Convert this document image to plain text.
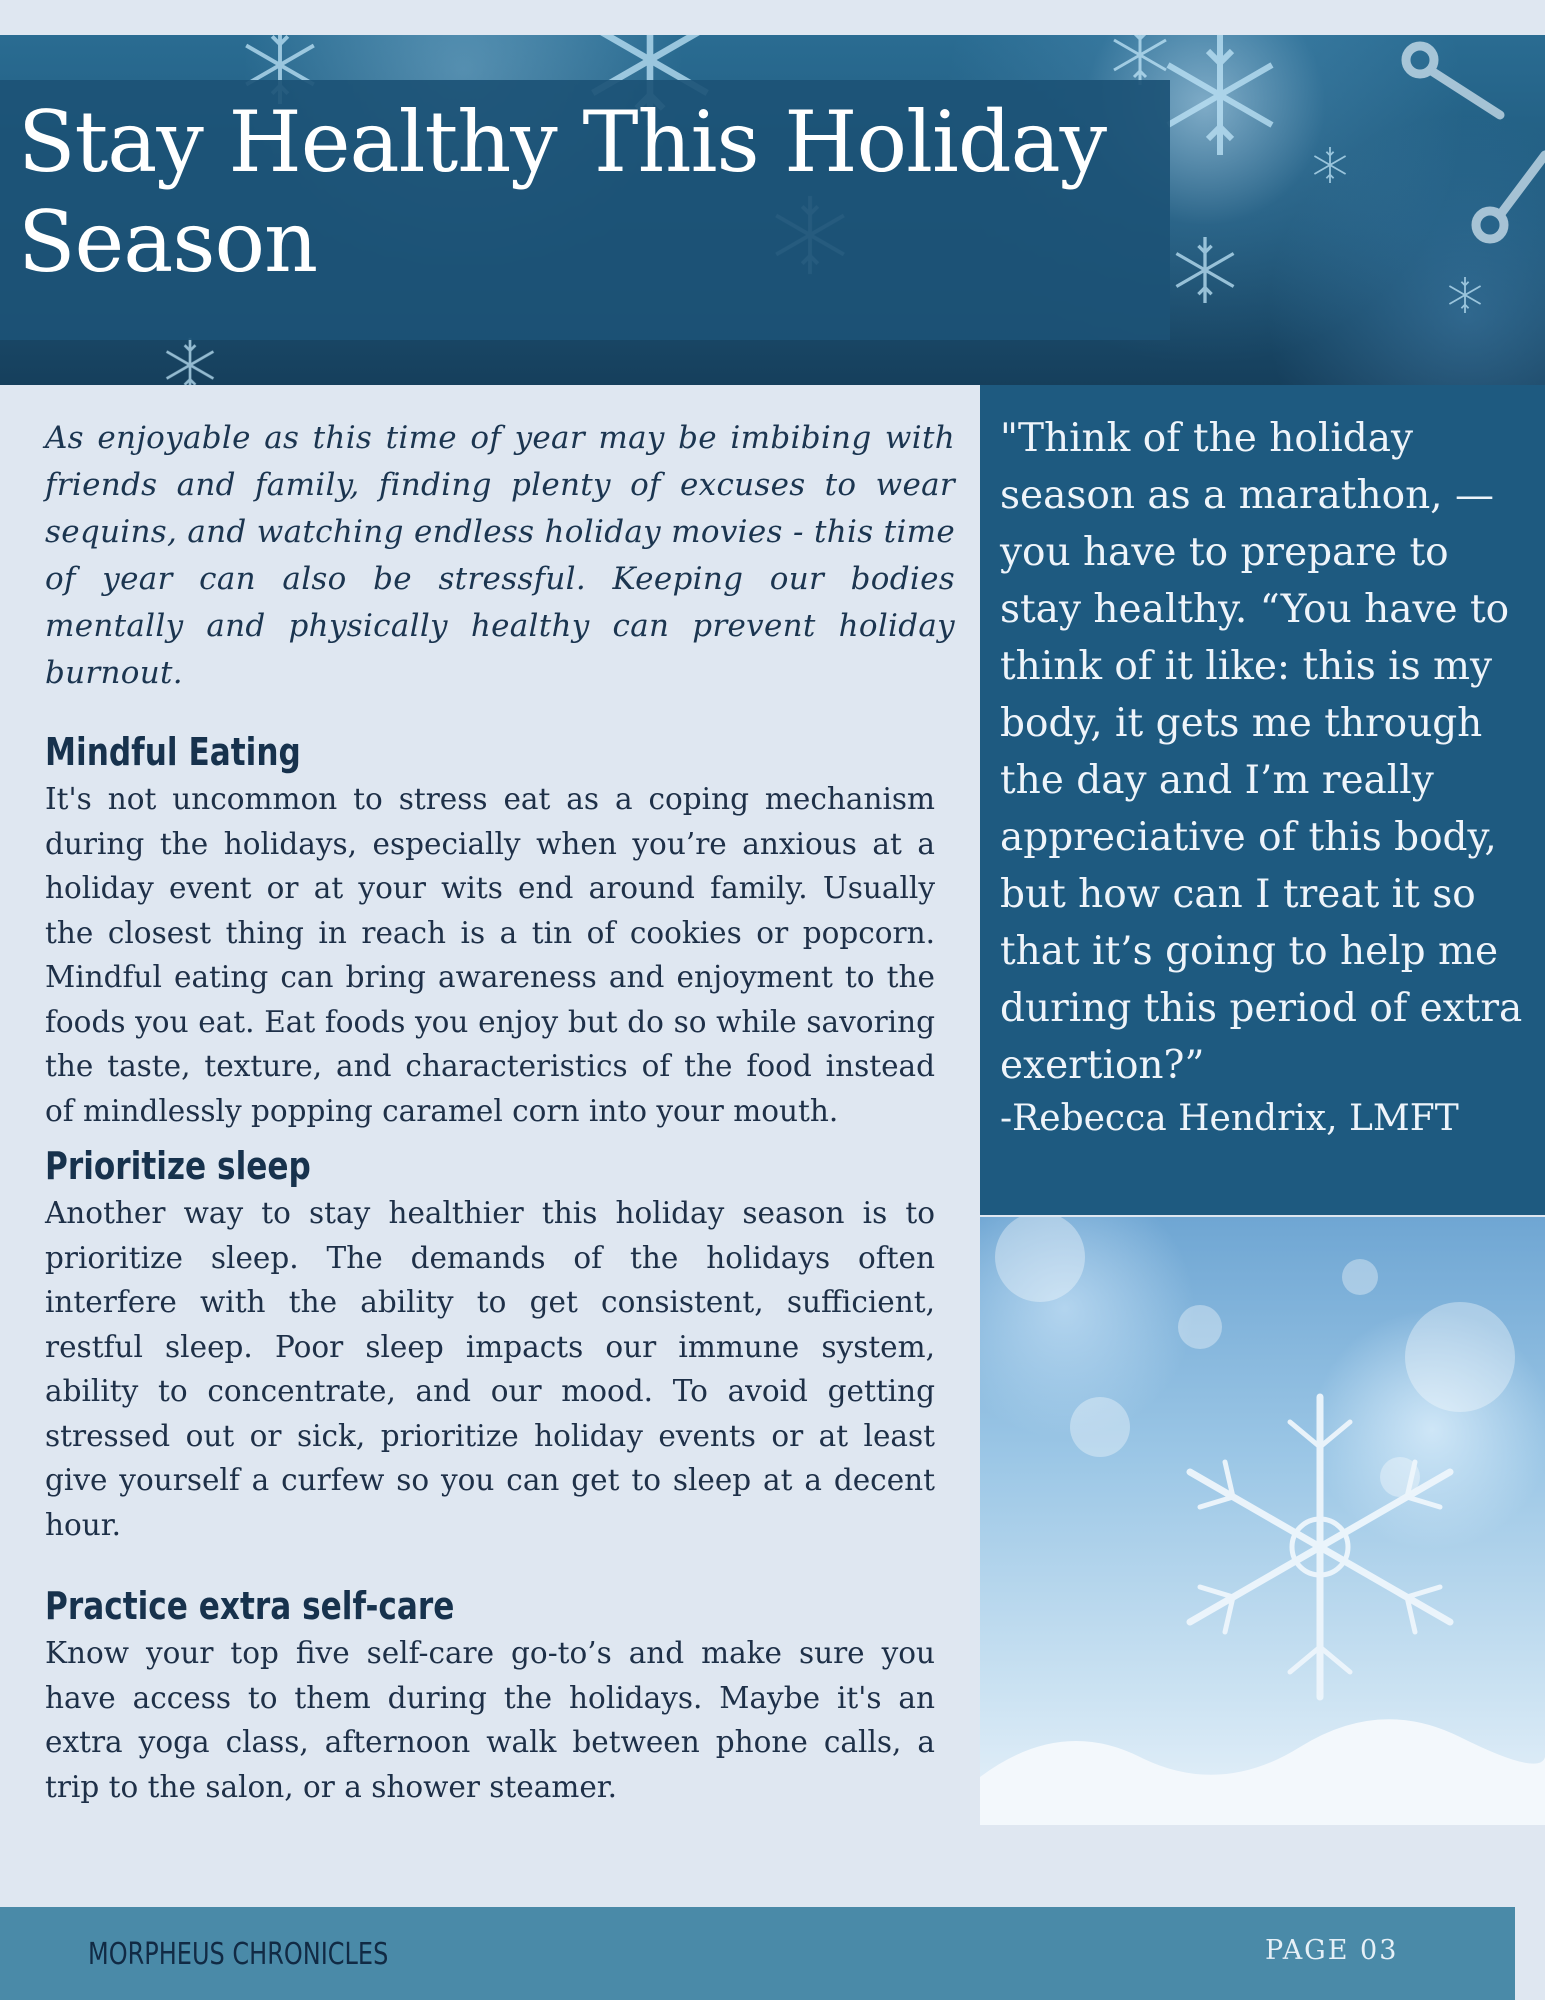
Stay Healthy This Holiday
Season

As enjoyable as this time of year may be imbibing with friends and family, finding plenty of excuses to wear sequins, and watching endless holiday movies - this time of year can also be stressful. Keeping our bodies mentally and physically healthy can prevent holiday burnout.

Mindful Eating

It's not uncommon to stress eat as a coping mechanism during the holidays, especially when you’re anxious at a holiday event or at your wits end around family. Usually the closest thing in reach is a tin of cookies or popcorn. Mindful eating can bring awareness and enjoyment to the foods you eat. Eat foods you enjoy but do so while savoring the taste, texture, and characteristics of the food instead of mindlessly popping caramel corn into your mouth.

Prioritize sleep

Another way to stay healthier this holiday season is to prioritize sleep. The demands of the holidays often interfere with the ability to get consistent, sufficient, restful sleep. Poor sleep impacts our immune system, ability to concentrate, and our mood. To avoid getting stressed out or sick, prioritize holiday events or at least give yourself a curfew so you can get to sleep at a decent hour.

Practice extra self-care

Know your top five self-care go-to’s and make sure you have access to them during the holidays. Maybe it's an extra yoga class, afternoon walk between phone calls, a trip to the salon, or a shower steamer.

"Think of the holiday season as a marathon, — you have to prepare to stay healthy. “You have to think of it like: this is my body, it gets me through the day and I’m really appreciative of this body, but how can I treat it so that it’s going to help me during this period of extra exertion?”

-Rebecca Hendrix, LMFT

MORPHEUS CHRONICLES	PAGE 03
